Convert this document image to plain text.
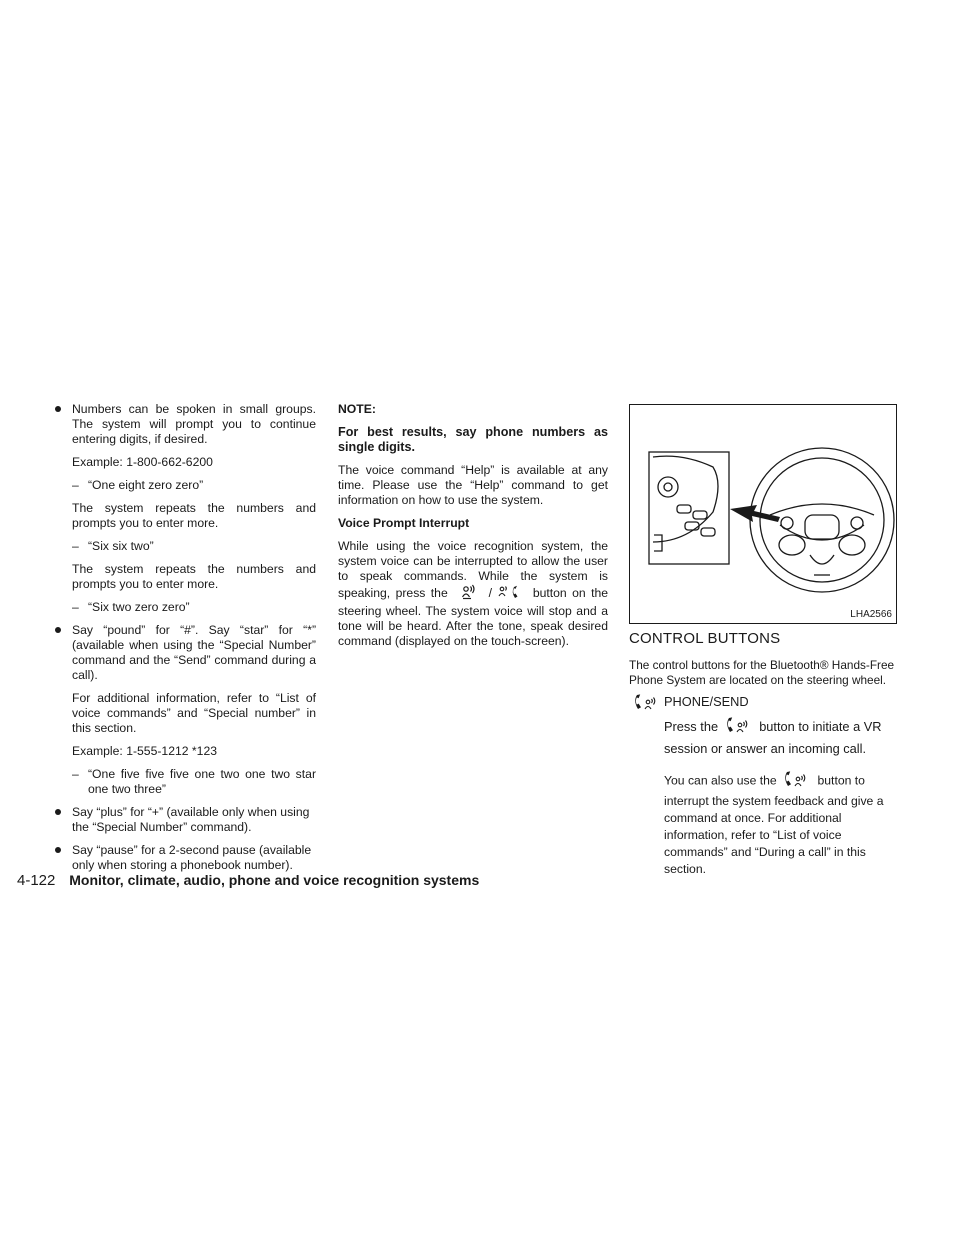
Numbers can be spoken in small groups. The system will prompt you to continue entering digits, if desired.
Example: 1-800-662-6200
– “One eight zero zero”
The system repeats the numbers and prompts you to enter more.
– “Six six two”
The system repeats the numbers and prompts you to enter more.
– “Six two zero zero”
Say “pound” for “#”. Say “star” for “*” (available when using the “Special Number” command and the “Send” command during a call).
For additional information, refer to “List of voice commands” and “Special number” in this section.
Example: 1-555-1212 *123
– “One five five five one two one two star one two three”
Say “plus” for “+” (available only when using the “Special Number” command).
Say “pause” for a 2-second pause (available only when storing a phonebook number).
NOTE:
For best results, say phone numbers as single digits.
The voice command “Help” is available at any time. Please use the “Help” command to get information on how to use the system.
Voice Prompt Interrupt
While using the voice recognition system, the system voice can be interrupted to allow the user to speak commands. While the system is speaking, press the	/	button on the steering wheel. The system voice will stop and a tone will be heard. After the tone, speak desired command (displayed on the touch-screen).
LHA2566
CONTROL BUTTONS
The control buttons for the Bluetooth® Hands-Free Phone System are located on the steering wheel.
PHONE/SEND
Press the	button to initiate a VR session or answer an incoming call.
You can also use the	button to interrupt the system feedback and give a command at once. For additional information, refer to “List of voice commands” and “During a call” in this section.
4-122 Monitor, climate, audio, phone and voice recognition systems
